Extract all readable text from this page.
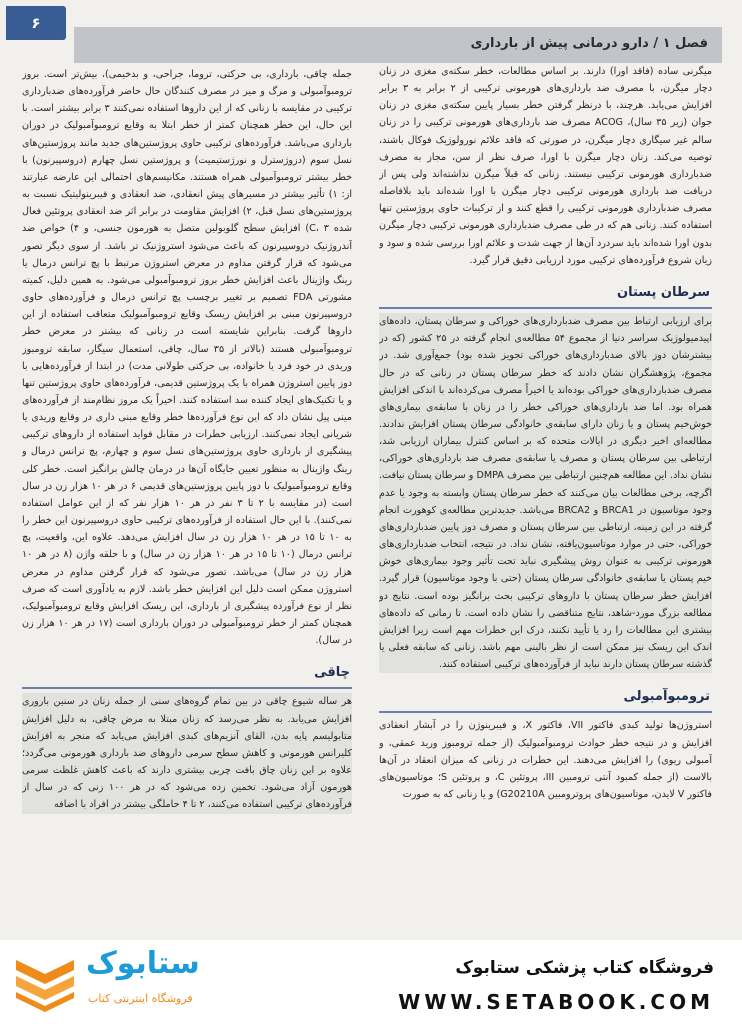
۶
فصل ۱ / دارو درمانی پیش از بارداری

میگرنی ساده (فاقد اورا) دارند. بر اساس مطالعات، خطر سکته‌ی مغزی در زنان دچار میگرن، با مصرف ضد بارداری‌های هورمونی ترکیبی از ۲ برابر به ۳ برابر افزایش می‌یابد. هرچند، با درنظر گرفتن خطر بسیار پایین سکته‌ی مغزی در زنان جوان (زیر ۳۵ سال)، ACOG مصرف ضد بارداری‌های هورمونی ترکیبی را در زنان سالم غیر سیگاری دچار میگرن، در صورتی که فاقد علائم نورولوژیک فوکال باشند، توصیه می‌کند. زنان دچار میگرن با اورا، صرف نظر از سن، مجاز به مصرف ضدبارداری هورمونی ترکیبی نیستند. زنانی که قبلاً میگرن نداشته‌اند ولی پس از دریافت ضد بارداری هورمونی ترکیبی دچار میگرن با اورا شده‌اند باید بلافاصله مصرف ضدبارداری هورمونی ترکیبی را قطع کنند و از ترکیبات حاوی پروژستین تنها استفاده کنند. زنانی هم که در طی مصرف ضدبارداری هورمونی ترکیبی دچار میگرن بدون اورا شده‌اند باید سردرد آن‌ها از جهت شدت و علائم اورا بررسی شده و سود و زیان شروع فرآورده‌های ترکیبی مورد ارزیابی دقیق قرار گیرد.

سرطان پستان

برای ارزیابی ارتباط بین مصرف ضدبارداری‌های خوراکی و سرطان پستان، داده‌های اپیدمیولوژیک سراسر دنیا از مجموع ۵۴ مطالعه‌ی انجام گرفته در ۲۵ کشور (که در بیشترشان دوز بالای ضدبارداری‌های خوراکی تجویز شده بود) جمع‌آوری شد. در مجموع، پژوهشگران نشان دادند که خطر سرطان پستان در زنانی که در حال مصرف ضدبارداری‌های خوراکی بوده‌اند یا اخیراً مصرف می‌کرده‌اند با اندکی افزایش همراه بود. اما ضد بارداری‌های خوراکی خطر را در زنان با سابقه‌ی بیماری‌های خوش‌خیم پستان و یا زنان دارای سابقه‌ی خانوادگی سرطان پستان افزایش ندادند. مطالعه‌ای اخیر دیگری در ایالات متحده که بر اساس کنترل بیماران ارزیابی شد، ارتباطی بین سرطان پستان و مصرف یا سابقه‌ی مصرف ضد بارداری‌های خوراکی، نشان نداد. این مطالعه هم‌چنین ارتباطی بین مصرف DMPA و سرطان پستان نیافت. اگرچه، برخی مطالعات بیان می‌کنند که خطر سرطان پستان وابسته به وجود یا عدم وجود موتاسیون در BRCA1 و BRCA2 می‌باشد. جدیدترین مطالعه‌ی کوهورت انجام گرفته در این زمینه، ارتباطی بین سرطان پستان و مصرف دوز پایین ضدبارداری‌های خوراکی، حتی در موارد موتاسیون‌یافته، نشان نداد. در نتیجه، انتخاب ضدبارداری‌های هورمونی ترکیبی به عنوان روش پیشگیری نباید تحت تأثیر وجود بیماری‌های خوش خیم پستان یا سابقه‌ی خانوادگی سرطان پستان (حتی با وجود موتاسیون) قرار گیرد. افزایش خطر سرطان پستان با داروهای ترکیبی بحث برانگیز بوده است. نتایج دو مطالعه بزرگ مورد-شاهد، نتایج متناقضی را نشان داده است. تا زمانی که داده‌های بیشتری این مطالعات را رد یا تأیید نکنند، درک این خطرات مهم است زیرا افزایش اندک این ریسک نیز ممکن است از نظر بالینی مهم باشد. زنانی که سابقه فعلی یا گذشته سرطان پستان دارند نباید از فرآورده‌های ترکیبی استفاده کنند.

ترومبوآمبولی

استروژن‌ها تولید کبدی فاکتور VII، فاکتور X، و فیبرینوژن را در آبشار انعقادی افزایش و در نتیجه خطر حوادث ترومبوآمبولیک (از جمله ترومبوز ورید عمقی، و آمبولی ریوی) را افزایش می‌دهند. این خطرات در زنانی که میزان انعقاد در آن‌ها بالاست (از جمله کمبود آنتی ترومبین III، پروتئین C، و پروتئین S؛ موتاسیون‌های فاکتور V لایدن، موتاسیون‌های پروترومبین G20210A) و یا زنانی که به صورت

جمله چاقی، بارداری، بی حرکتی، تروما، جراحی، و بدخیمی)، بیش‌تر است. بروز ترومبوآمبولی و مرگ و میر در مصرف کنندگان حال حاضر فرآورده‌های ضدبارداری ترکیبی در مقایسه با زنانی که از این داروها استفاده نمی‌کنند ۳ برابر بیشتر است. با این حال، این خطر همچنان کمتر از خطر ابتلا به وقایع ترومبوآمبولیک در دوران بارداری می‌باشد. فرآورده‌های ترکیبی حاوی پروژستین‌های جدید مانند پروژستین‌های نسل سوم (دزوژسترل و نورژستیمیت) و پروژستین نسل چهارم (دروسپیرنون) با خطر بیشتر ترومبوآمبولی همراه هستند. مکانیسم‌های احتمالی این عارضه عبارتند از: ۱) تأثیر بیشتر در مسیرهای پیش انعقادی، ضد انعقادی و فیبرینولیتیک نسبت به پروژستین‌های نسل قبل، ۲) افزایش مقاومت در برابر اثر ضد انعقادی پروتئین فعال شده C، ۳) افزایش سطح گلوبولین متصل به هورمون جنسی، و ۴) خواص ضد آندروژنیک دروسپیرنون که باعث می‌شود استروژنیک تر باشد. از سوی دیگر تصور می‌شود که قرار گرفتن مداوم در معرض استروژن مرتبط با پچ ترانس درمال یا رینگ واژینال باعث افزایش خطر بروز ترومبوآمبولی می‌شود. به همین دلیل، کمیته مشورتی FDA تصمیم بر تغییر برچسب پچ ترانس درمال و فرآورده‌های حاوی دروسپیرنون مبنی بر افزایش ریسک وقایع ترومبوآمبولیک متعاقب استفاده از این داروها گرفت. بنابراین شایسته است در زنانی که بیشتر در معرض خطر ترومبوآمبولی هستند (بالاتر از ۳۵ سال، چاقی، استعمال سیگار، سابقه ترومبوز وریدی در خود فرد یا خانواده، بی حرکتی طولانی مدت) در ابتدا از فرآورده‌هایی با دوز پایین استروژن همراه با یک پروژستین قدیمی، فرآورده‌های حاوی پروژستین تنها و یا تکنیک‌های ایجاد کننده سد استفاده کنند. اخیراً یک مروز نظام‌مند از فرآورده‌های مینی پیل نشان داد که این نوع فرآورده‌ها خطر وقایع مبنی داری در وقایع وریدی یا شریانی ایجاد نمی‌کنند. ارزیابی خطرات در مقابل فواید استفاده از داروهای ترکیبی پیشگیری از بارداری حاوی پروژستین‌های نسل سوم و چهارم، پچ ترانس درمال و رینگ واژینال به منظور تعیین جایگاه آن‌ها در درمان چالش برانگیز است. خطر کلی وقایع ترومبوآمبولیک با دوز پایین پروژستین‌های قدیمی ۶ در هر ۱۰ هزار زن در سال است (در مقایسه با ۲ تا ۳ نفر در هر ۱۰ هزار نفر که از این عوامل استفاده نمی‌کنند). با این حال استفاده از فرآورده‌های ترکیبی حاوی دروسپیرنون این خطر را به ۱۰ تا ۱۵ در هر ۱۰ هزار زن در سال افزایش می‌دهد. علاوه این، واقعیت، پچ ترانس درمال (۱۰ تا ۱۵ در هر ۱۰ هزار زن در سال) و با حلقه واژن (۸ در هر ۱۰ هزار زن در سال) می‌باشد. تصور می‌شود که قرار گرفتن مداوم در معرض استروژن ممکن است دلیل این افزایش خطر باشد. لازم به یادآوری است که صرف نظر از نوع فرآورده پیشگیری از بارداری، این ریسک افزایش وقایع ترومبوآمبولیک، همچنان کمتر از خطر ترومبوآمبولی در دوران بارداری است (۱۷ در هر ۱۰ هزار زن در سال).

چاقی

هر ساله شیوع چاقی در بین تمام گروه‌های سنی از جمله زنان در سنین باروری افزایش می‌یابد. به نظر می‌رسد که زنان مبتلا به مرض چاقی، به دلیل افزایش متابولیسم پایه بدن، القای آنزیم‌های کبدی افزایش می‌یابد که منجر به افزایش کلیرانس هورمونی و کاهش سطح سرمی داروهای ضد بارداری هورمونی می‌گردد؛ علاوه بر این زنان چاق بافت چربی بیشتری دارند که باعث کاهش غلظت سرمی هورمون آزاد می‌شود. تخمین زده می‌شود که در هر ۱۰۰ زنی که در سال از فرآورده‌های ترکیبی استفاده می‌کنند، ۲ تا ۴ حاملگی بیشتر در افراد با اضافه

فروشگاه کتاب پزشکی ستابوک
WWW.SETABOOK.COM
ستابوک
فروشگاه اینترنتی کتاب
